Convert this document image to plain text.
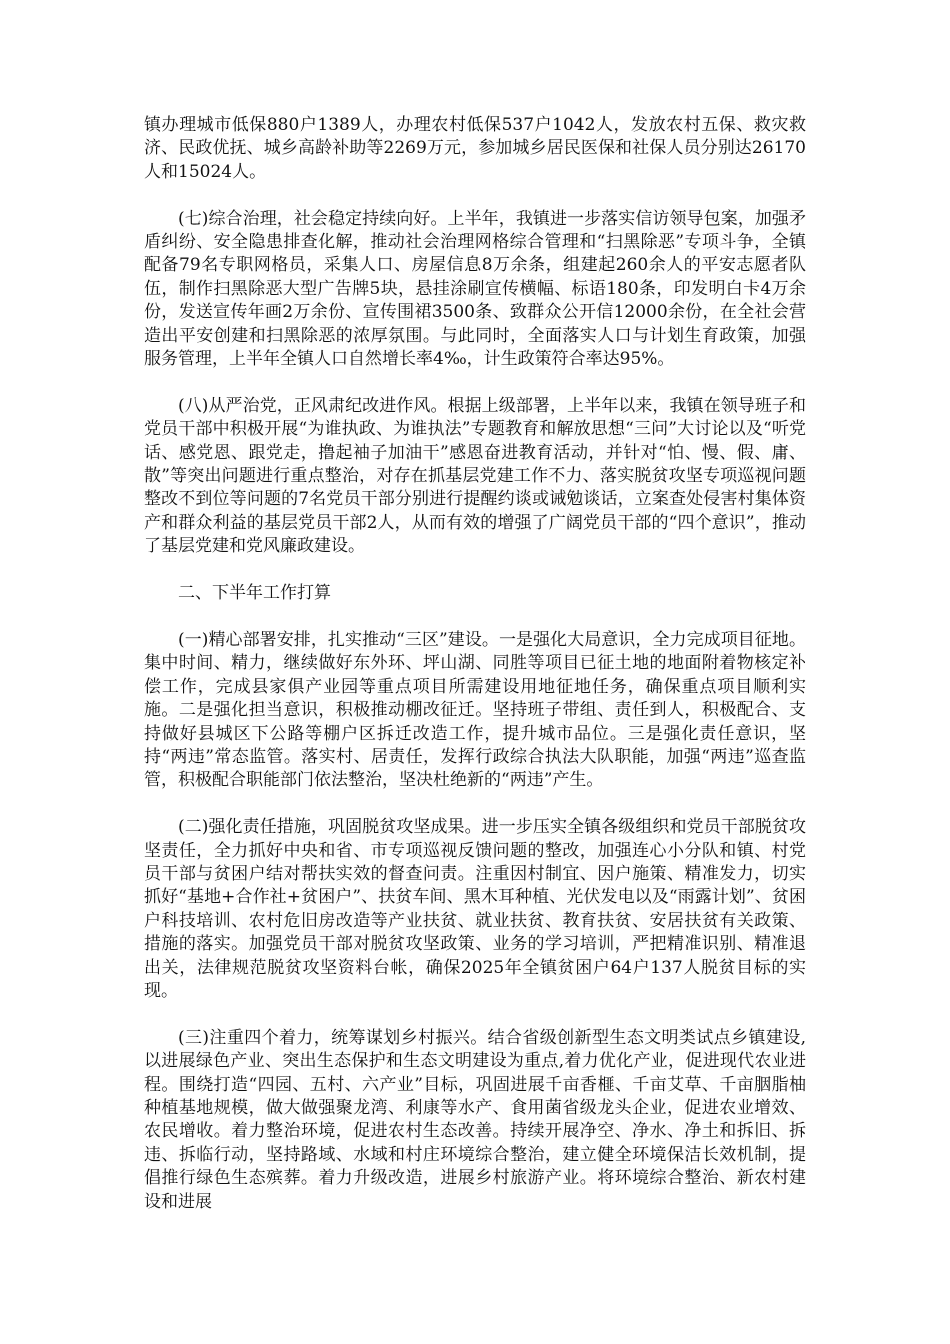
镇办理城市低保880户1389人，办理农村低保537户1042人，发放农村五保、救灾救济、民政优抚、城乡高龄补助等2269万元，参加城乡居民医保和社保人员分别达26170人和15024人。

(七)综合治理，社会稳定持续向好。上半年，我镇进一步落实信访领导包案，加强矛盾纠纷、安全隐患排查化解，推动社会治理网格综合管理和“扫黑除恶”专项斗争，全镇配备79名专职网格员，采集人口、房屋信息8万余条，组建起260余人的平安志愿者队伍，制作扫黑除恶大型广告牌5块，悬挂涂刷宣传横幅、标语180条，印发明白卡4万余份，发送宣传年画2万余份、宣传围裙3500条、致群众公开信12000余份，在全社会营造出平安创建和扫黑除恶的浓厚氛围。与此同时，全面落实人口与计划生育政策，加强服务管理，上半年全镇人口自然增长率4‰，计生政策符合率达95%。

(八)从严治党，正风肃纪改进作风。根据上级部署，上半年以来，我镇在领导班子和党员干部中积极开展“为谁执政、为谁执法”专题教育和解放思想“三问”大讨论以及“听党话、感党恩、跟党走，撸起袖子加油干”感恩奋进教育活动，并针对“怕、慢、假、庸、散”等突出问题进行重点整治，对存在抓基层党建工作不力、落实脱贫攻坚专项巡视问题整改不到位等问题的7名党员干部分别进行提醒约谈或诫勉谈话，立案查处侵害村集体资产和群众利益的基层党员干部2人，从而有效的增强了广阔党员干部的“四个意识”，推动了基层党建和党风廉政建设。

二、下半年工作打算

(一)精心部署安排，扎实推动“三区”建设。一是强化大局意识，全力完成项目征地。集中时间、精力，继续做好东外环、坪山湖、同胜等项目已征土地的地面附着物核定补偿工作，完成县家俱产业园等重点项目所需建设用地征地任务，确保重点项目顺利实施。二是强化担当意识，积极推动棚改征迁。坚持班子带组、责任到人，积极配合、支持做好县城区下公路等棚户区拆迁改造工作，提升城市品位。三是强化责任意识，坚持“两违”常态监管。落实村、居责任，发挥行政综合执法大队职能，加强“两违”巡查监管，积极配合职能部门依法整治，坚决杜绝新的“两违”产生。

(二)强化责任措施，巩固脱贫攻坚成果。进一步压实全镇各级组织和党员干部脱贫攻坚责任，全力抓好中央和省、市专项巡视反馈问题的整改，加强连心小分队和镇、村党员干部与贫困户结对帮扶实效的督查问责。注重因村制宜、因户施策、精准发力，切实抓好“基地+合作社+贫困户”、扶贫车间、黑木耳种植、光伏发电以及“雨露计划”、贫困户科技培训、农村危旧房改造等产业扶贫、就业扶贫、教育扶贫、安居扶贫有关政策、措施的落实。加强党员干部对脱贫攻坚政策、业务的学习培训，严把精准识别、精准退出关，法律规范脱贫攻坚资料台帐，确保2025年全镇贫困户64户137人脱贫目标的实现。

(三)注重四个着力，统筹谋划乡村振兴。结合省级创新型生态文明类试点乡镇建设,以进展绿色产业、突出生态保护和生态文明建设为重点,着力优化产业，促进现代农业进程。围绕打造“四园、五村、六产业”目标，巩固进展千亩香榧、千亩艾草、千亩胭脂柚种植基地规模，做大做强聚龙湾、利康等水产、食用菌省级龙头企业，促进农业增效、农民增收。着力整治环境，促进农村生态改善。持续开展净空、净水、净土和拆旧、拆违、拆临行动，坚持路域、水域和村庄环境综合整治，建立健全环境保洁长效机制，提倡推行绿色生态殡葬。着力升级改造，进展乡村旅游产业。将环境综合整治、新农村建设和进展
